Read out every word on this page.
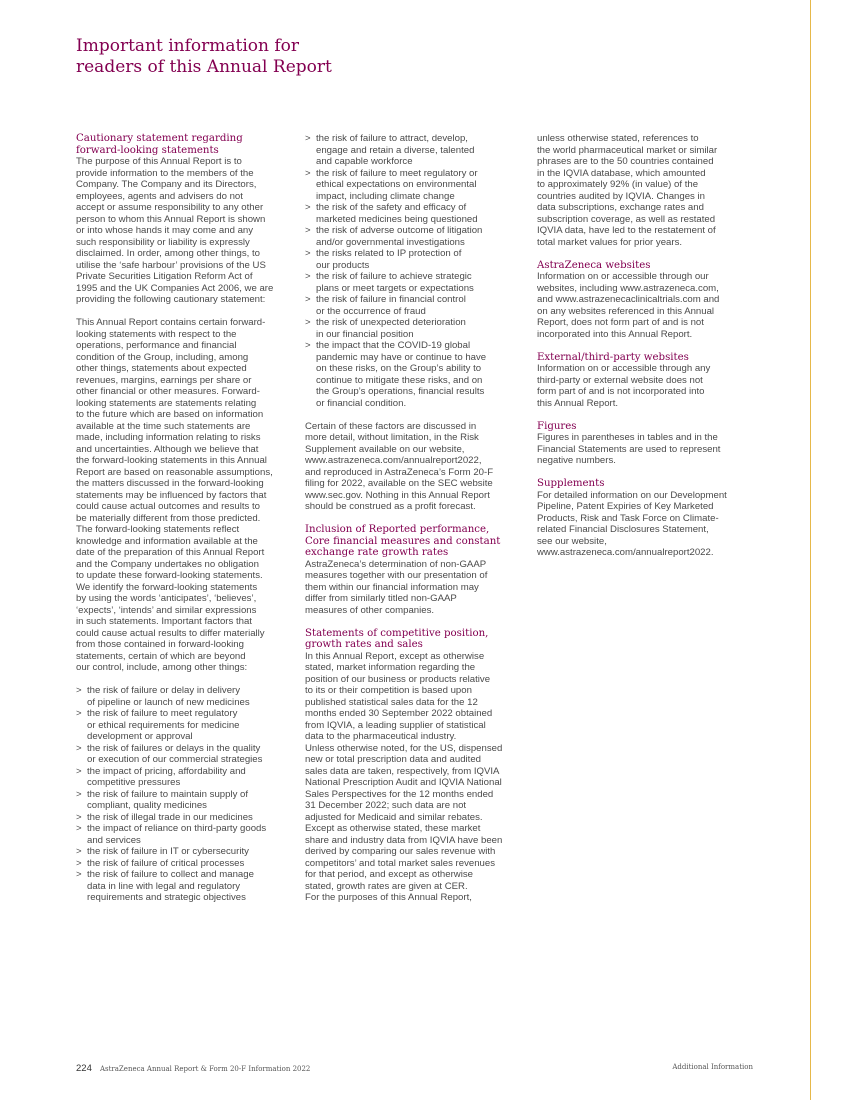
Important information for
readers of this Annual Report
Cautionary statement regarding
forward-looking statements
The purpose of this Annual Report is to
provide information to the members of the
Company. The Company and its Directors,
employees, agents and advisers do not
accept or assume responsibility to any other
person to whom this Annual Report is shown
or into whose hands it may come and any
such responsibility or liability is expressly
disclaimed. In order, among other things, to
utilise the ‘safe harbour’ provisions of the US
Private Securities Litigation Reform Act of
1995 and the UK Companies Act 2006, we are
providing the following cautionary statement:
This Annual Report contains certain forward-
looking statements with respect to the
operations, performance and financial
condition of the Group, including, among
other things, statements about expected
revenues, margins, earnings per share or
other financial or other measures. Forward-
looking statements are statements relating
to the future which are based on information
available at the time such statements are
made, including information relating to risks
and uncertainties. Although we believe that
the forward-looking statements in this Annual
Report are based on reasonable assumptions,
the matters discussed in the forward-looking
statements may be influenced by factors that
could cause actual outcomes and results to
be materially different from those predicted.
The forward-looking statements reflect
knowledge and information available at the
date of the preparation of this Annual Report
and the Company undertakes no obligation
to update these forward-looking statements.
We identify the forward-looking statements
by using the words ‘anticipates’, ‘believes’,
‘expects’, ‘intends’ and similar expressions
in such statements. Important factors that
could cause actual results to differ materially
from those contained in forward-looking
statements, certain of which are beyond
our control, include, among other things:
> the risk of failure or delay in delivery
of pipeline or launch of new medicines
> the risk of failure to meet regulatory
or ethical requirements for medicine
development or approval
> the risk of failures or delays in the quality
or execution of our commercial strategies
> the impact of pricing, affordability and
competitive pressures
> the risk of failure to maintain supply of
compliant, quality medicines
> the risk of illegal trade in our medicines
> the impact of reliance on third-party goods
and services
> the risk of failure in IT or cybersecurity
> the risk of failure of critical processes
> the risk of failure to collect and manage
data in line with legal and regulatory
requirements and strategic objectives
> the risk of failure to attract, develop,
engage and retain a diverse, talented
and capable workforce
> the risk of failure to meet regulatory or
ethical expectations on environmental
impact, including climate change
> the risk of the safety and efficacy of
marketed medicines being questioned
> the risk of adverse outcome of litigation
and/or governmental investigations
> the risks related to IP protection of
our products
> the risk of failure to achieve strategic
plans or meet targets or expectations
> the risk of failure in financial control
or the occurrence of fraud
> the risk of unexpected deterioration
in our financial position
> the impact that the COVID-19 global
pandemic may have or continue to have
on these risks, on the Group’s ability to
continue to mitigate these risks, and on
the Group’s operations, financial results
or financial condition.
Certain of these factors are discussed in
more detail, without limitation, in the Risk
Supplement available on our website,
www.astrazeneca.com/annualreport2022,
and reproduced in AstraZeneca’s Form 20-F
filing for 2022, available on the SEC website
www.sec.gov. Nothing in this Annual Report
should be construed as a profit forecast.
Inclusion of Reported performance,
Core financial measures and constant
exchange rate growth rates
AstraZeneca’s determination of non-GAAP
measures together with our presentation of
them within our financial information may
differ from similarly titled non-GAAP
measures of other companies.
Statements of competitive position,
growth rates and sales
In this Annual Report, except as otherwise
stated, market information regarding the
position of our business or products relative
to its or their competition is based upon
published statistical sales data for the 12
months ended 30 September 2022 obtained
from IQVIA, a leading supplier of statistical
data to the pharmaceutical industry.
Unless otherwise noted, for the US, dispensed
new or total prescription data and audited
sales data are taken, respectively, from IQVIA
National Prescription Audit and IQVIA National
Sales Perspectives for the 12 months ended
31 December 2022; such data are not
adjusted for Medicaid and similar rebates.
Except as otherwise stated, these market
share and industry data from IQVIA have been
derived by comparing our sales revenue with
competitors’ and total market sales revenues
for that period, and except as otherwise
stated, growth rates are given at CER.
For the purposes of this Annual Report,
unless otherwise stated, references to
the world pharmaceutical market or similar
phrases are to the 50 countries contained
in the IQVIA database, which amounted
to approximately 92% (in value) of the
countries audited by IQVIA. Changes in
data subscriptions, exchange rates and
subscription coverage, as well as restated
IQVIA data, have led to the restatement of
total market values for prior years.
AstraZeneca websites
Information on or accessible through our
websites, including www.astrazeneca.com,
and www.astrazenecaclinicaltrials.com and
on any websites referenced in this Annual
Report, does not form part of and is not
incorporated into this Annual Report.
External/third-party websites
Information on or accessible through any
third-party or external website does not
form part of and is not incorporated into
this Annual Report.
Figures
Figures in parentheses in tables and in the
Financial Statements are used to represent
negative numbers.
Supplements
For detailed information on our Development
Pipeline, Patent Expiries of Key Marketed
Products, Risk and Task Force on Climate-
related Financial Disclosures Statement,
see our website,
www.astrazeneca.com/annualreport2022.
224 AstraZeneca Annual Report & Form 20-F Information 2022	Additional Information
